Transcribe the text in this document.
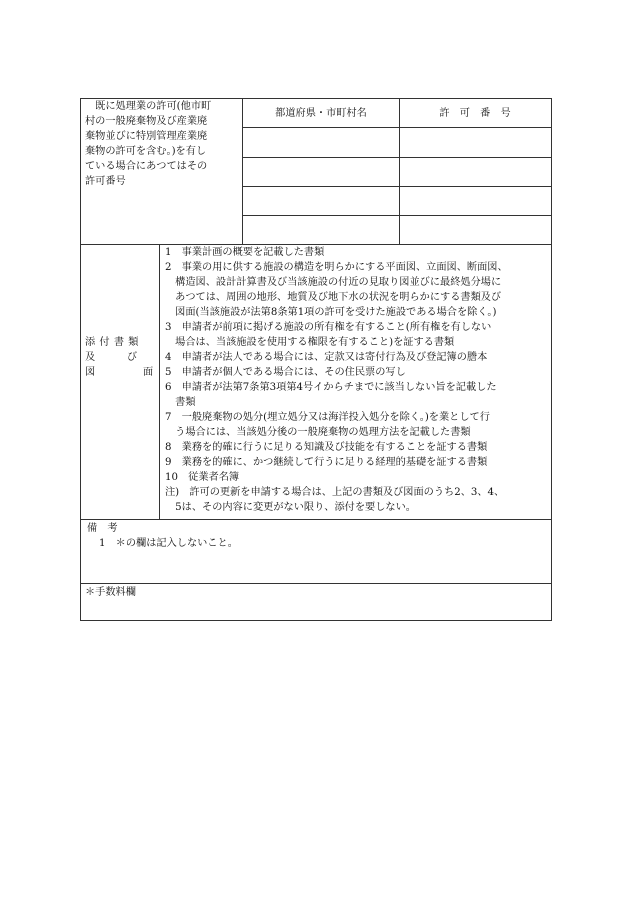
　既に処理業の許可(他市町
村の一般廃棄物及び産業廃
棄物並びに特別管理産業廃
棄物の許可を含む。)を有し
ている場合にあつてはその
許可番号
都道府県・市町村名	許　可　番　号
添 付 書 類
及	び
図	面
1　事業計画の概要を記載した書類
2　事業の用に供する施設の構造を明らかにする平面図、立面図、断面図、
　構造図、設計計算書及び当該施設の付近の見取り図並びに最終処分場に
　あつては、周囲の地形、地質及び地下水の状況を明らかにする書類及び
　図面(当該施設が法第8条第1項の許可を受けた施設である場合を除く。)
3　申請者が前項に掲げる施設の所有権を有すること(所有権を有しない
　場合は、当該施設を使用する権限を有すること)を証する書類
4　申請者が法人である場合には、定款又は寄付行為及び登記簿の謄本
5　申請者が個人である場合には、その住民票の写し
6　申請者が法第7条第3項第4号イからチまでに該当しない旨を記載した
　書類
7　一般廃棄物の処分(埋立処分又は海洋投入処分を除く。)を業として行
　う場合には、当該処分後の一般廃棄物の処理方法を記載した書類
8　業務を的確に行うに足りる知識及び技能を有することを証する書類
9　業務を的確に、かつ継続して行うに足りる経理的基礎を証する書類
10　従業者名簿
注)　許可の更新を申請する場合は、上記の書類及び図面のうち2、3、4、
　5は、その内容に変更がない限り、添付を要しない。
備　考
1　＊の欄は記入しないこと。
＊手数料欄
